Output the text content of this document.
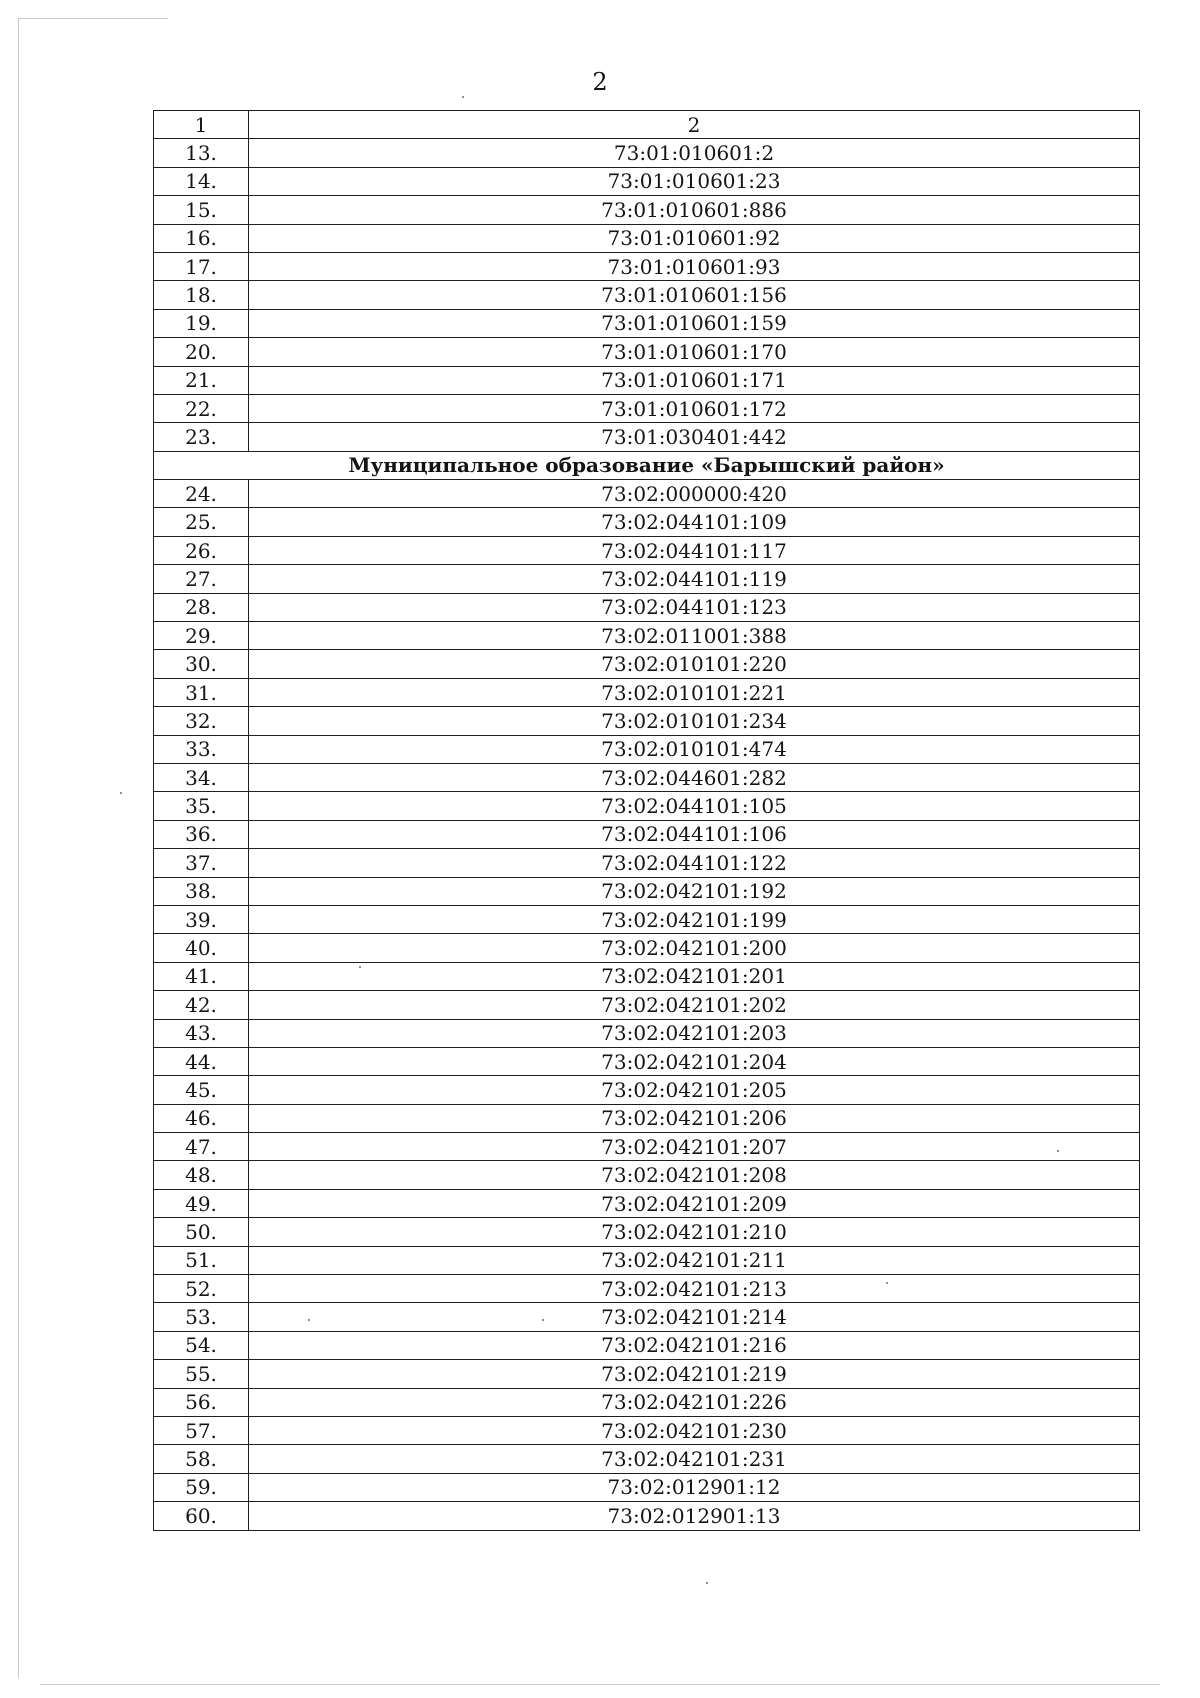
2
1	2
13.	73:01:010601:2
14.	73:01:010601:23
15.	73:01:010601:886
16.	73:01:010601:92
17.	73:01:010601:93
18.	73:01:010601:156
19.	73:01:010601:159
20.	73:01:010601:170
21.	73:01:010601:171
22.	73:01:010601:172
23.	73:01:030401:442
Муниципальное образование «Барышский район»	
24.	73:02:000000:420
25.	73:02:044101:109
26.	73:02:044101:117
27.	73:02:044101:119
28.	73:02:044101:123
29.	73:02:011001:388
30.	73:02:010101:220
31.	73:02:010101:221
32.	73:02:010101:234
33.	73:02:010101:474
34.	73:02:044601:282
35.	73:02:044101:105
36.	73:02:044101:106
37.	73:02:044101:122
38.	73:02:042101:192
39.	73:02:042101:199
40.	73:02:042101:200
41.	73:02:042101:201
42.	73:02:042101:202
43.	73:02:042101:203
44.	73:02:042101:204
45.	73:02:042101:205
46.	73:02:042101:206
47.	73:02:042101:207
48.	73:02:042101:208
49.	73:02:042101:209
50.	73:02:042101:210
51.	73:02:042101:211
52.	73:02:042101:213
53.	73:02:042101:214
54.	73:02:042101:216
55.	73:02:042101:219
56.	73:02:042101:226
57.	73:02:042101:230
58.	73:02:042101:231
59.	73:02:012901:12
60.	73:02:012901:13
